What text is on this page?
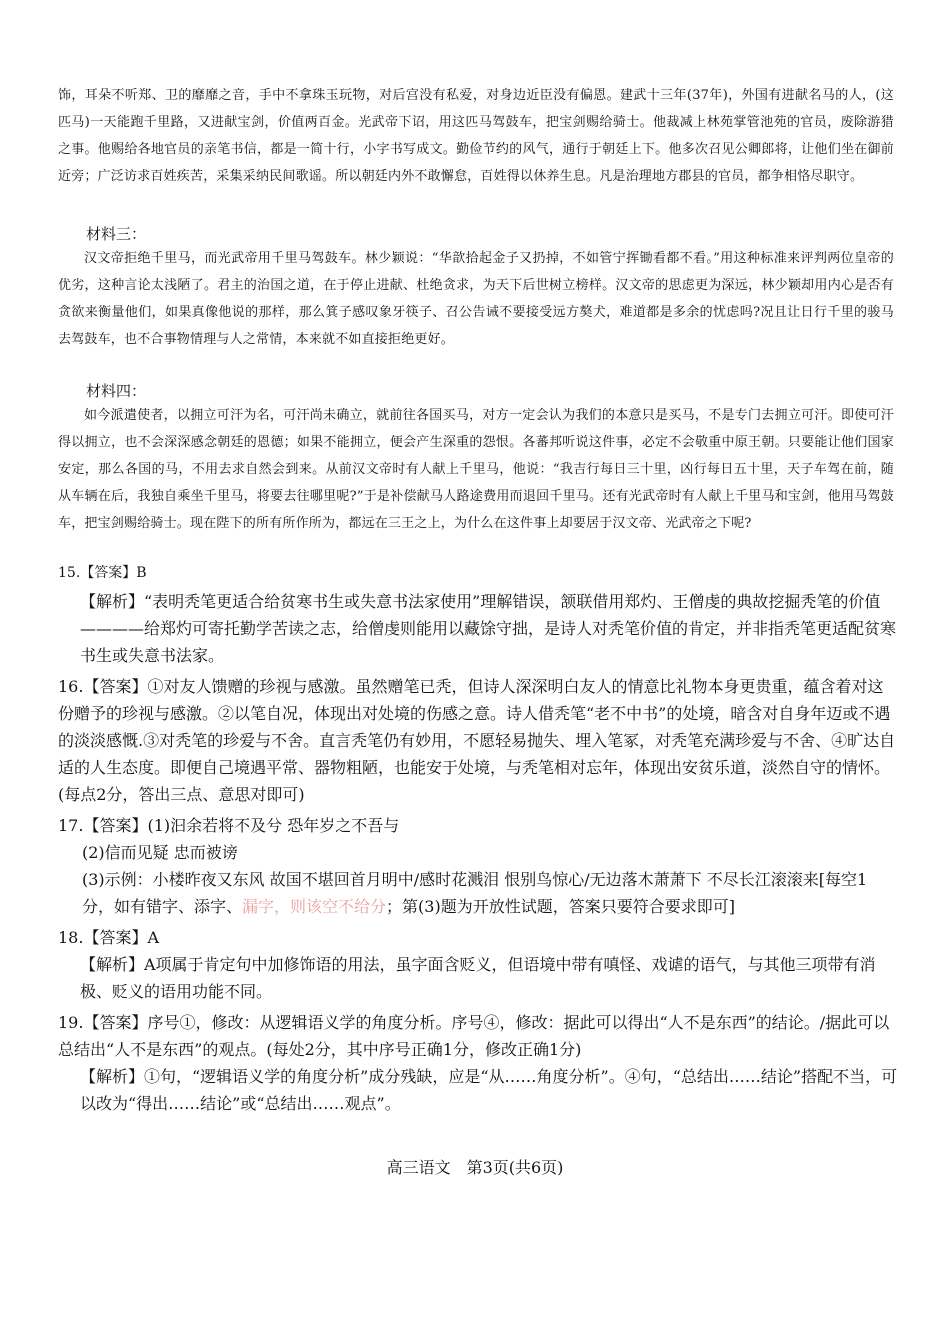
饰，耳朵不听郑、卫的靡靡之音，手中不拿珠玉玩物，对后宫没有私爱，对身边近臣没有偏恩。建武十三年(37年)，外国有进献名马的人，(这匹马)一天能跑千里路，又进献宝剑，价值两百金。光武帝下诏，用这匹马驾鼓车，把宝剑赐给骑士。他裁减上林苑掌管池苑的官员，废除游猎之事。他赐给各地官员的亲笔书信，都是一简十行，小字书写成文。勤俭节约的风气，通行于朝廷上下。他多次召见公卿郎将，让他们坐在御前近旁；广泛访求百姓疾苦，采集采纳民间歌谣。所以朝廷内外不敢懈怠，百姓得以休养生息。凡是治理地方郡县的官员，都争相恪尽职守。

材料三：

汉文帝拒绝千里马，而光武帝用千里马驾鼓车。林少颖说：“华歆拾起金子又扔掉，不如管宁挥锄看都不看。”用这种标准来评判两位皇帝的优劣，这种言论太浅陋了。君主的治国之道，在于停止进献、杜绝贪求，为天下后世树立榜样。汉文帝的思虑更为深远，林少颖却用内心是否有贪欲来衡量他们，如果真像他说的那样，那么箕子感叹象牙筷子、召公告诫不要接受远方獒犬，难道都是多余的忧虑吗?况且让日行千里的骏马去驾鼓车，也不合事物情理与人之常情，本来就不如直接拒绝更好。

材料四：

如今派遣使者，以拥立可汗为名，可汗尚未确立，就前往各国买马，对方一定会认为我们的本意只是买马，不是专门去拥立可汗。即使可汗得以拥立，也不会深深感念朝廷的恩德；如果不能拥立，便会产生深重的怨恨。各蕃邦听说这件事，必定不会敬重中原王朝。只要能让他们国家安定，那么各国的马，不用去求自然会到来。从前汉文帝时有人献上千里马，他说：“我吉行每日三十里，凶行每日五十里，天子车驾在前，随从车辆在后，我独自乘坐千里马，将要去往哪里呢?”于是补偿献马人路途费用而退回千里马。还有光武帝时有人献上千里马和宝剑，他用马驾鼓车，把宝剑赐给骑士。现在陛下的所有所作所为，都远在三王之上，为什么在这件事上却要居于汉文帝、光武帝之下呢?

15.【答案】B
【解析】“表明秃笔更适合给贫寒书生或失意书法家使用”理解错误，颔联借用郑灼、王僧虔的典故挖掘秃笔的价值————给郑灼可寄托勤学苦读之志，给僧虔则能用以藏馀守拙，是诗人对秃笔价值的肯定，并非指秃笔更适配贫寒书生或失意书法家。
16.【答案】①对友人馈赠的珍视与感激。虽然赠笔已秃，但诗人深深明白友人的情意比礼物本身更贵重，蕴含着对这份赠予的珍视与感激。②以笔自况，体现出对处境的伤感之意。诗人借秃笔“老不中书”的处境，暗含对自身年迈或不遇的淡淡感慨.③对秃笔的珍爱与不舍。直言秃笔仍有妙用，不愿轻易抛失、埋入笔冢，对秃笔充满珍爱与不舍、④旷达自适的人生态度。即便自己境遇平常、器物粗陋，也能安于处境，与秃笔相对忘年，体现出安贫乐道，淡然自守的情怀。(每点2分，答出三点、意思对即可)
17.【答案】(1)汩余若将不及兮 恐年岁之不吾与
(2)信而见疑 忠而被谤
(3)示例：小楼昨夜又东风 故国不堪回首月明中/感时花溅泪 恨别鸟惊心/无边落木萧萧下 不尽长江滚滚来[每空1分，如有错字、添字、漏字，则该空不给分；第(3)题为开放性试题，答案只要符合要求即可]
18.【答案】A
【解析】A项属于肯定句中加修饰语的用法，虽字面含贬义，但语境中带有嗔怪、戏谑的语气，与其他三项带有消极、贬义的语用功能不同。
19.【答案】序号①，修改：从逻辑语义学的角度分析。序号④，修改：据此可以得出“人不是东西”的结论。/据此可以总结出“人不是东西”的观点。(每处2分，其中序号正确1分，修改正确1分)
【解析】①句，“逻辑语义学的角度分析”成分残缺，应是“从……角度分析”。④句，“总结出……结论”搭配不当，可以改为“得出……结论”或“总结出……观点”。
高三语文　第3页(共6页)
